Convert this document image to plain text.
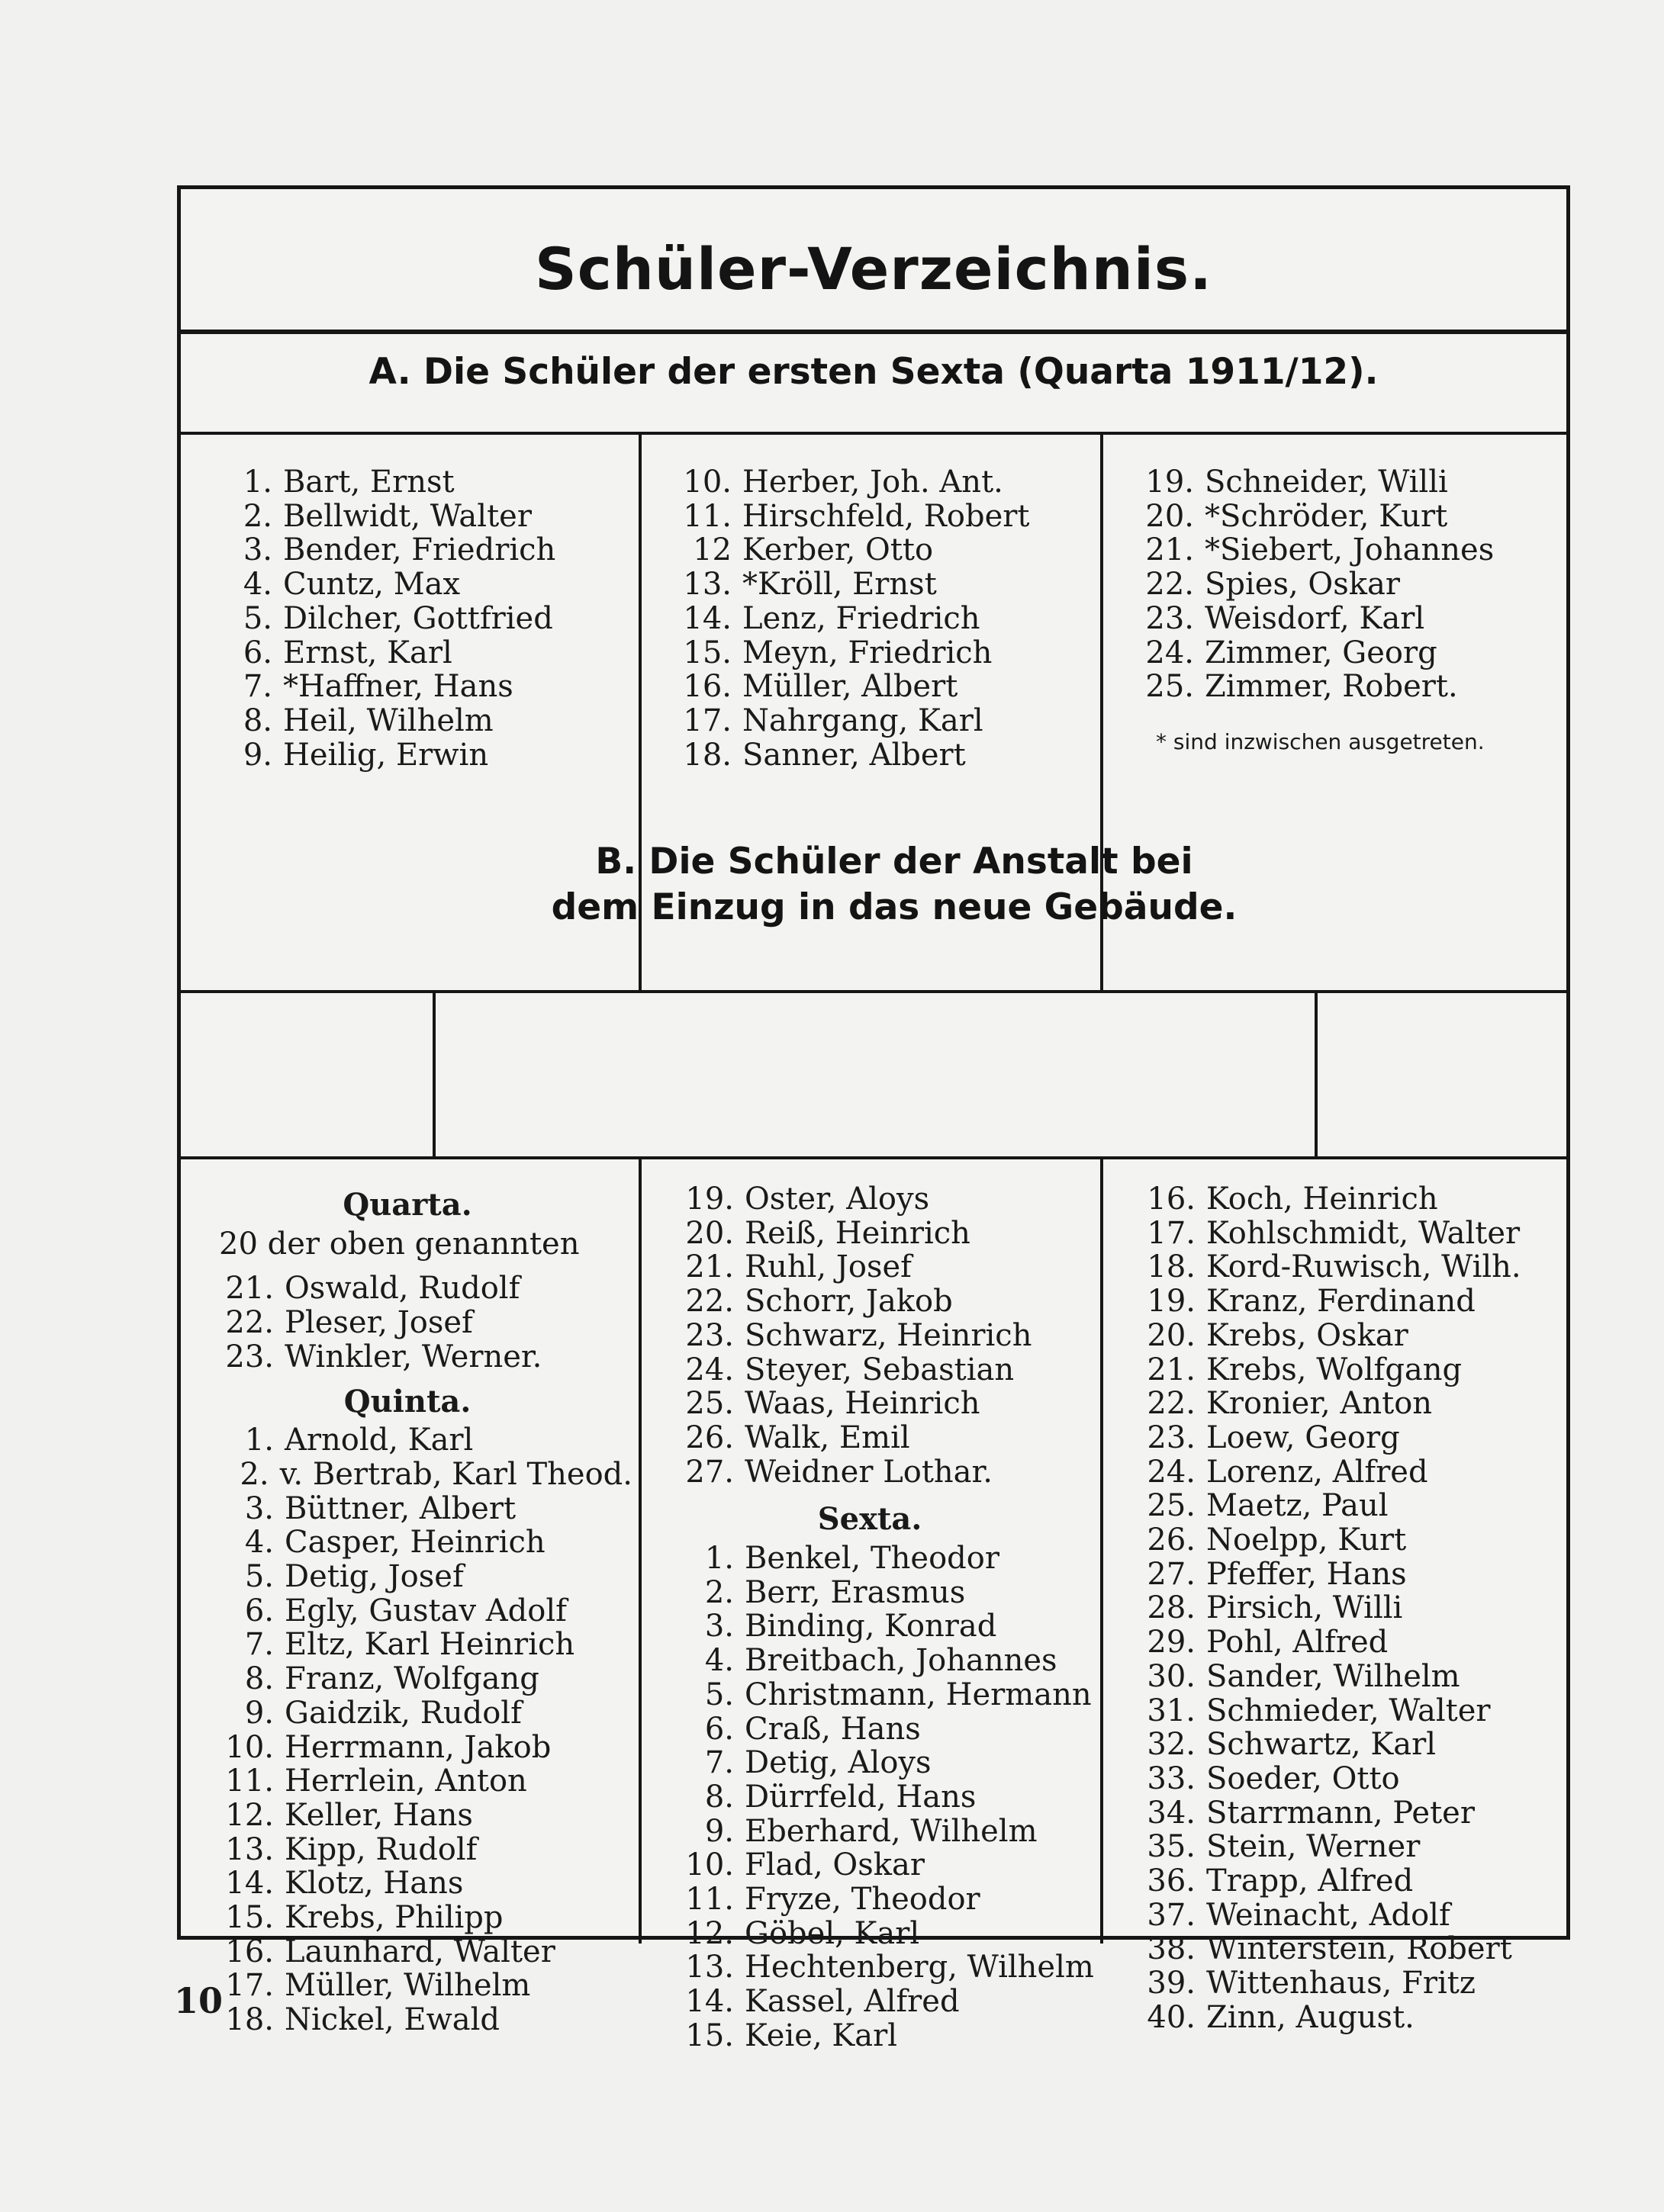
Schüler-Verzeichnis.
A. Die Schüler der ersten Sexta (Quarta 1911/12).
1. Bart, Ernst
2. Bellwidt, Walter
3. Bender, Friedrich
4. Cuntz, Max
5. Dilcher, Gottfried
6. Ernst, Karl
7. *Haffner, Hans
8. Heil, Wilhelm
9. Heilig, Erwin
10. Herber, Joh. Ant.
11. Hirschfeld, Robert
12 Kerber, Otto
13. *Kröll, Ernst
14. Lenz, Friedrich
15. Meyn, Friedrich
16. Müller, Albert
17. Nahrgang, Karl
18. Sanner, Albert
19. Schneider, Willi
20. *Schröder, Kurt
21. *Siebert, Johannes
22. Spies, Oskar
23. Weisdorf, Karl
24. Zimmer, Georg
25. Zimmer, Robert.
* sind inzwischen ausgetreten.
B. Die Schüler der Anstalt bei
dem Einzug in das neue Gebäude.
Quarta.
20 der oben genannten
21. Oswald, Rudolf
22. Pleser, Josef
23. Winkler, Werner.
Quinta.
1. Arnold, Karl
2. v. Bertrab, Karl Theod.
3. Büttner, Albert
4. Casper, Heinrich
5. Detig, Josef
6. Egly, Gustav Adolf
7. Eltz, Karl Heinrich
8. Franz, Wolfgang
9. Gaidzik, Rudolf
10. Herrmann, Jakob
11. Herrlein, Anton
12. Keller, Hans
13. Kipp, Rudolf
14. Klotz, Hans
15. Krebs, Philipp
16. Launhard, Walter
17. Müller, Wilhelm
18. Nickel, Ewald
19. Oster, Aloys
20. Reiß, Heinrich
21. Ruhl, Josef
22. Schorr, Jakob
23. Schwarz, Heinrich
24. Steyer, Sebastian
25. Waas, Heinrich
26. Walk, Emil
27. Weidner Lothar.
Sexta.
1. Benkel, Theodor
2. Berr, Erasmus
3. Binding, Konrad
4. Breitbach, Johannes
5. Christmann, Hermann
6. Craß, Hans
7. Detig, Aloys
8. Dürrfeld, Hans
9. Eberhard, Wilhelm
10. Flad, Oskar
11. Fryze, Theodor
12. Göbel, Karl
13. Hechtenberg, Wilhelm
14. Kassel, Alfred
15. Keie, Karl
16. Koch, Heinrich
17. Kohlschmidt, Walter
18. Kord-Ruwisch, Wilh.
19. Kranz, Ferdinand
20. Krebs, Oskar
21. Krebs, Wolfgang
22. Kronier, Anton
23. Loew, Georg
24. Lorenz, Alfred
25. Maetz, Paul
26. Noelpp, Kurt
27. Pfeffer, Hans
28. Pirsich, Willi
29. Pohl, Alfred
30. Sander, Wilhelm
31. Schmieder, Walter
32. Schwartz, Karl
33. Soeder, Otto
34. Starrmann, Peter
35. Stein, Werner
36. Trapp, Alfred
37. Weinacht, Adolf
38. Winterstein, Robert
39. Wittenhaus, Fritz
40. Zinn, August.
10
